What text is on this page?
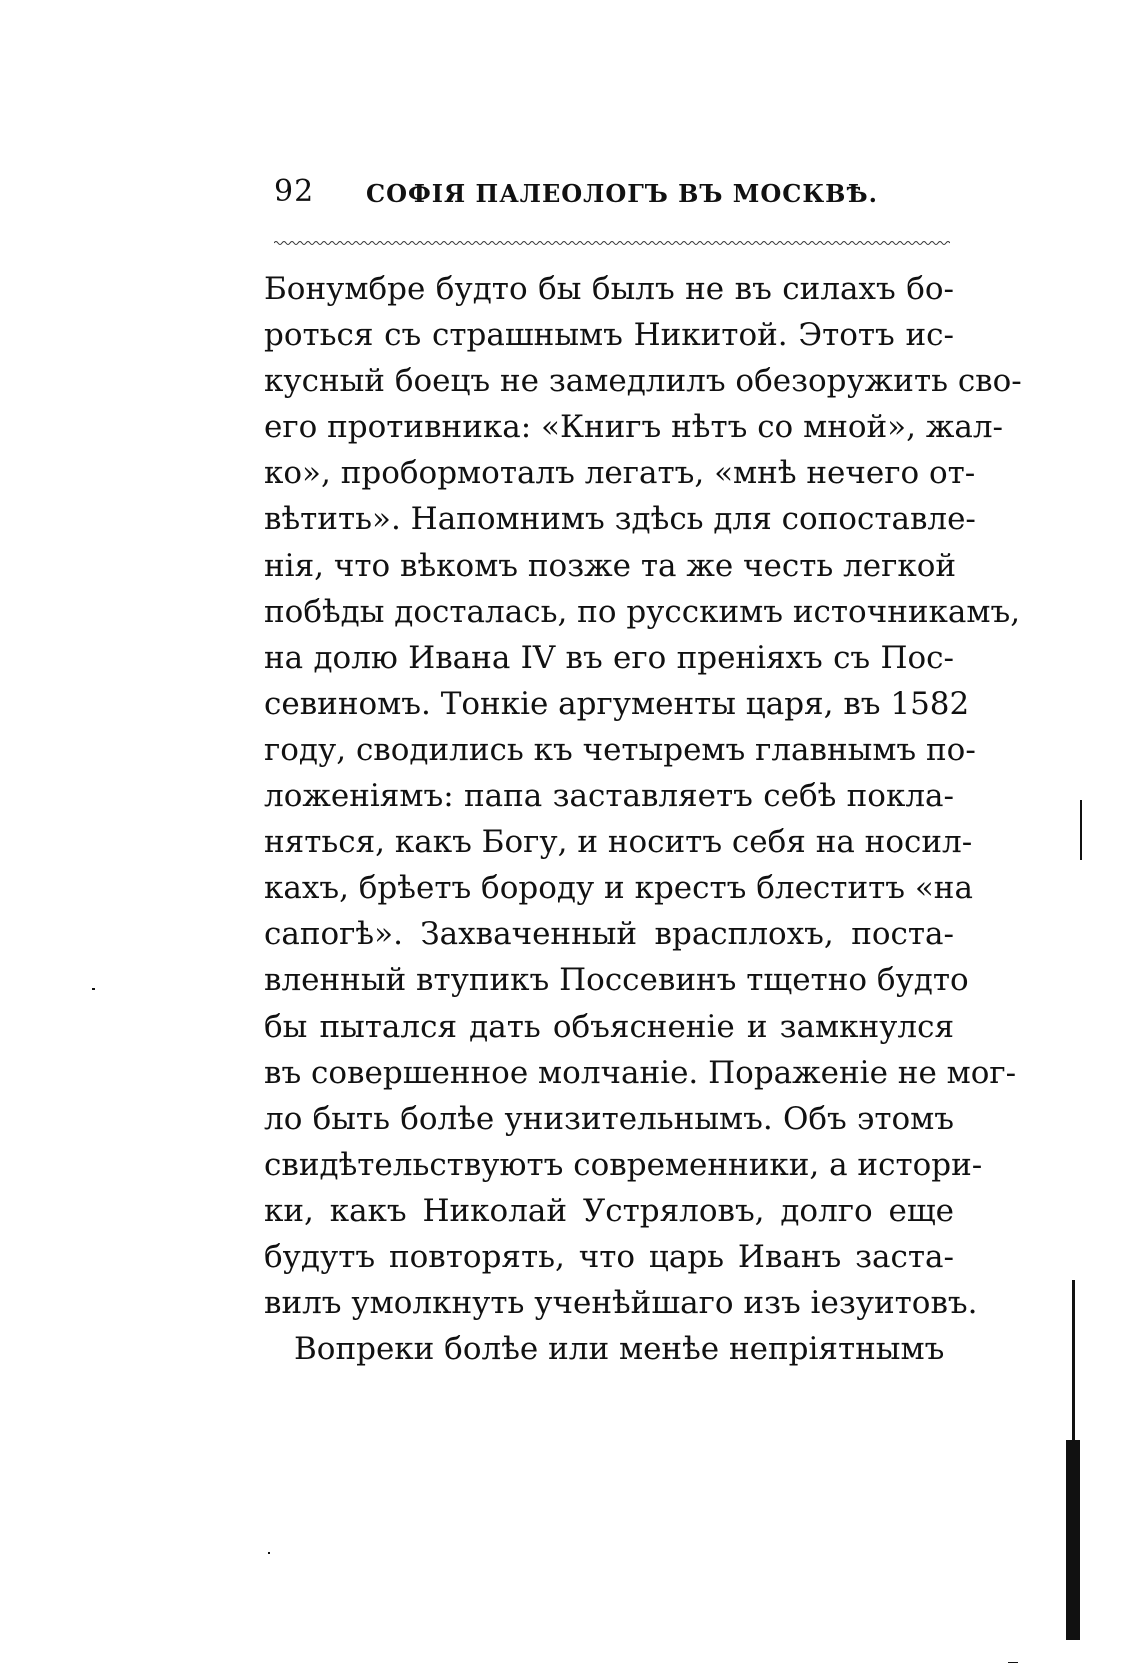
92 СОФІЯ ПАЛЕОЛОГЪ ВЪ МОСКВѢ.
Бонумбре будто бы былъ не въ силахъ бо-
роться съ страшнымъ Никитой. Этотъ ис-
кусный боецъ не замедлилъ обезоружить сво-
его противника: «Книгъ нѣтъ со мной», жал-
ко», пробормоталъ легатъ, «мнѣ нечего от-
вѣтить». Напомнимъ здѣсь для сопоставле-
нія, что вѣкомъ позже та же честь легкой
побѣды досталась, по русскимъ источникамъ,
на долю Ивана IV въ его преніяхъ съ Пос-
севиномъ. Тонкіе аргументы царя, въ 1582
году, сводились къ четыремъ главнымъ по-
ложеніямъ: папа заставляетъ себѣ покла-
няться, какъ Богу, и носитъ себя на носил-
кахъ, брѣетъ бороду и крестъ блеститъ «на
сапогѣ». Захваченный врасплохъ, поста-
вленный втупикъ Поссевинъ тщетно будто
бы пытался дать объясненіе и замкнулся
въ совершенное молчаніе. Пораженіе не мог-
ло быть болѣе унизительнымъ. Объ этомъ
свидѣтельствуютъ современники, а истори-
ки, какъ Николай Устряловъ, долго еще
будутъ повторять, что царь Иванъ застa-
вилъ умолкнуть ученѣйшаго изъ іезуитовъ.
Вопреки болѣе или менѣе непріятнымъ
